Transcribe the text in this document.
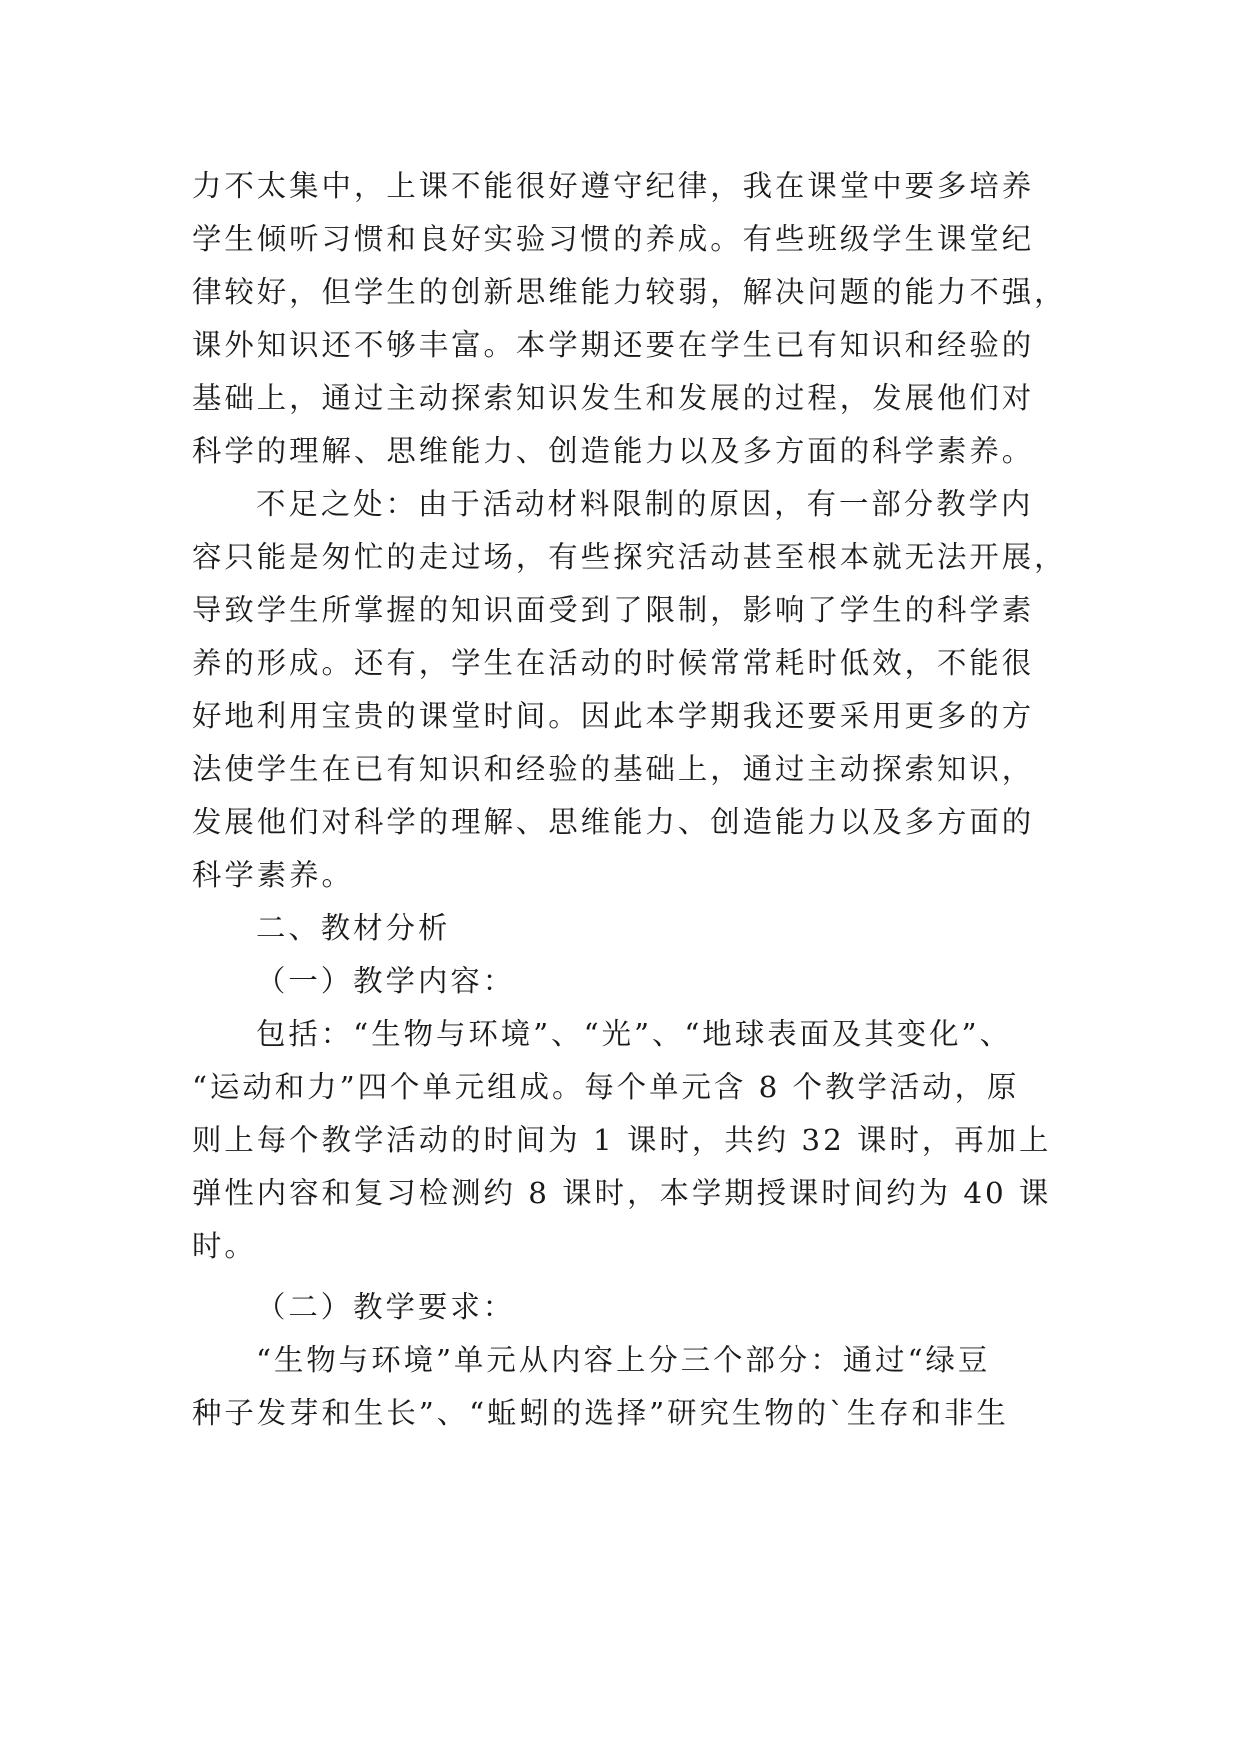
力不太集中，上课不能很好遵守纪律，我在课堂中要多培养
学生倾听习惯和良好实验习惯的养成。有些班级学生课堂纪
律较好，但学生的创新思维能力较弱，解决问题的能力不强，
课外知识还不够丰富。本学期还要在学生已有知识和经验的
基础上，通过主动探索知识发生和发展的过程，发展他们对
科学的理解、思维能力、创造能力以及多方面的科学素养。
不足之处：由于活动材料限制的原因，有一部分教学内
容只能是匆忙的走过场，有些探究活动甚至根本就无法开展，
导致学生所掌握的知识面受到了限制，影响了学生的科学素
养的形成。还有，学生在活动的时候常常耗时低效，不能很
好地利用宝贵的课堂时间。因此本学期我还要采用更多的方
法使学生在已有知识和经验的基础上，通过主动探索知识，
发展他们对科学的理解、思维能力、创造能力以及多方面的
科学素养。
二、教材分析
（一）教学内容：
包括：“生物与环境”、“光”、“地球表面及其变化”、
“运动和力”四个单元组成。每个单元含 8 个教学活动，原
则上每个教学活动的时间为 1 课时，共约 32 课时，再加上
弹性内容和复习检测约 8 课时，本学期授课时间约为 40 课
时。
（二）教学要求：
“生物与环境”单元从内容上分三个部分：通过“绿豆
种子发芽和生长”、“蚯蚓的选择”研究生物的`生存和非生
